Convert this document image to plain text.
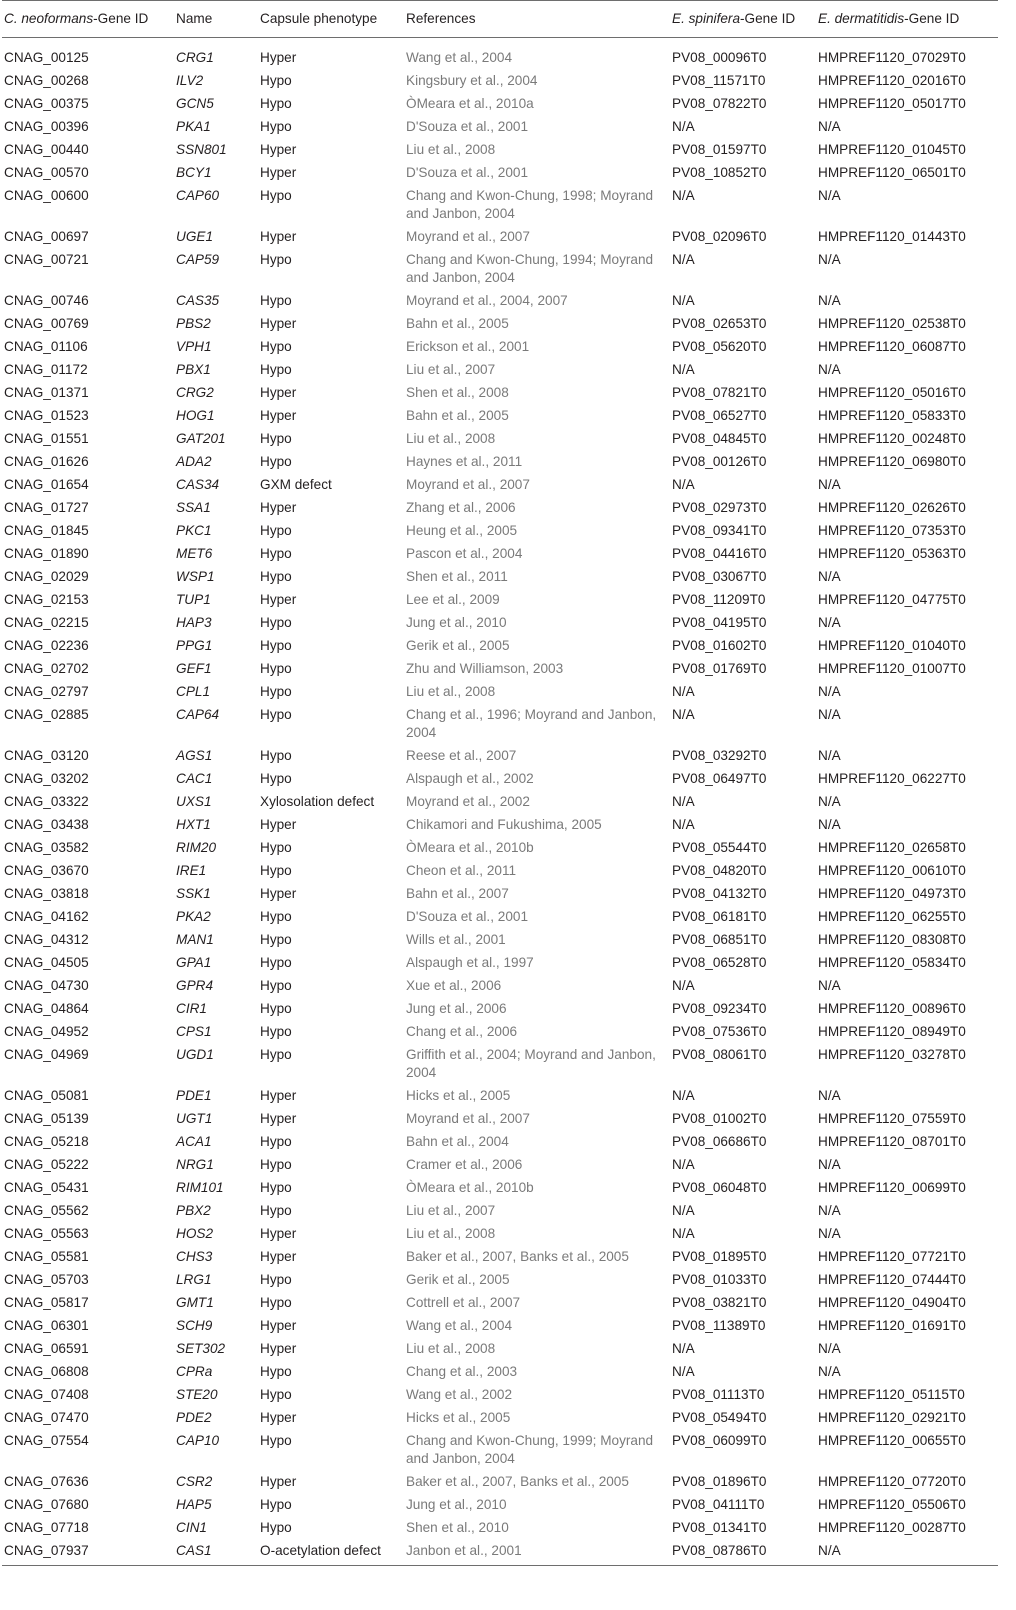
C. neoformans-Gene ID	Name	Capsule phenotype	References	E. spinifera-Gene ID	E. dermatitidis-Gene ID
CNAG_00125	CRG1	Hyper	Wang et al., 2004	PV08_00096T0	HMPREF1120_07029T0
CNAG_00268	ILV2	Hypo	Kingsbury et al., 2004	PV08_11571T0	HMPREF1120_02016T0
CNAG_00375	GCN5	Hypo	ÒMeara et al., 2010a	PV08_07822T0	HMPREF1120_05017T0
CNAG_00396	PKA1	Hypo	D'Souza et al., 2001	N/A	N/A
CNAG_00440	SSN801	Hyper	Liu et al., 2008	PV08_01597T0	HMPREF1120_01045T0
CNAG_00570	BCY1	Hyper	D'Souza et al., 2001	PV08_10852T0	HMPREF1120_06501T0
CNAG_00600	CAP60	Hypo	Chang and Kwon-Chung, 1998; Moyrand and Janbon, 2004	N/A	N/A
CNAG_00697	UGE1	Hyper	Moyrand et al., 2007	PV08_02096T0	HMPREF1120_01443T0
CNAG_00721	CAP59	Hypo	Chang and Kwon-Chung, 1994; Moyrand and Janbon, 2004	N/A	N/A
CNAG_00746	CAS35	Hypo	Moyrand et al., 2004, 2007	N/A	N/A
CNAG_00769	PBS2	Hyper	Bahn et al., 2005	PV08_02653T0	HMPREF1120_02538T0
CNAG_01106	VPH1	Hypo	Erickson et al., 2001	PV08_05620T0	HMPREF1120_06087T0
CNAG_01172	PBX1	Hypo	Liu et al., 2007	N/A	N/A
CNAG_01371	CRG2	Hyper	Shen et al., 2008	PV08_07821T0	HMPREF1120_05016T0
CNAG_01523	HOG1	Hyper	Bahn et al., 2005	PV08_06527T0	HMPREF1120_05833T0
CNAG_01551	GAT201	Hypo	Liu et al., 2008	PV08_04845T0	HMPREF1120_00248T0
CNAG_01626	ADA2	Hypo	Haynes et al., 2011	PV08_00126T0	HMPREF1120_06980T0
CNAG_01654	CAS34	GXM defect	Moyrand et al., 2007	N/A	N/A
CNAG_01727	SSA1	Hyper	Zhang et al., 2006	PV08_02973T0	HMPREF1120_02626T0
CNAG_01845	PKC1	Hypo	Heung et al., 2005	PV08_09341T0	HMPREF1120_07353T0
CNAG_01890	MET6	Hypo	Pascon et al., 2004	PV08_04416T0	HMPREF1120_05363T0
CNAG_02029	WSP1	Hypo	Shen et al., 2011	PV08_03067T0	N/A
CNAG_02153	TUP1	Hyper	Lee et al., 2009	PV08_11209T0	HMPREF1120_04775T0
CNAG_02215	HAP3	Hypo	Jung et al., 2010	PV08_04195T0	N/A
CNAG_02236	PPG1	Hypo	Gerik et al., 2005	PV08_01602T0	HMPREF1120_01040T0
CNAG_02702	GEF1	Hypo	Zhu and Williamson, 2003	PV08_01769T0	HMPREF1120_01007T0
CNAG_02797	CPL1	Hypo	Liu et al., 2008	N/A	N/A
CNAG_02885	CAP64	Hypo	Chang et al., 1996; Moyrand and Janbon, 2004	N/A	N/A
CNAG_03120	AGS1	Hypo	Reese et al., 2007	PV08_03292T0	N/A
CNAG_03202	CAC1	Hypo	Alspaugh et al., 2002	PV08_06497T0	HMPREF1120_06227T0
CNAG_03322	UXS1	Xylosolation defect	Moyrand et al., 2002	N/A	N/A
CNAG_03438	HXT1	Hyper	Chikamori and Fukushima, 2005	N/A	N/A
CNAG_03582	RIM20	Hypo	ÒMeara et al., 2010b	PV08_05544T0	HMPREF1120_02658T0
CNAG_03670	IRE1	Hypo	Cheon et al., 2011	PV08_04820T0	HMPREF1120_00610T0
CNAG_03818	SSK1	Hyper	Bahn et al., 2007	PV08_04132T0	HMPREF1120_04973T0
CNAG_04162	PKA2	Hypo	D'Souza et al., 2001	PV08_06181T0	HMPREF1120_06255T0
CNAG_04312	MAN1	Hypo	Wills et al., 2001	PV08_06851T0	HMPREF1120_08308T0
CNAG_04505	GPA1	Hypo	Alspaugh et al., 1997	PV08_06528T0	HMPREF1120_05834T0
CNAG_04730	GPR4	Hypo	Xue et al., 2006	N/A	N/A
CNAG_04864	CIR1	Hypo	Jung et al., 2006	PV08_09234T0	HMPREF1120_00896T0
CNAG_04952	CPS1	Hypo	Chang et al., 2006	PV08_07536T0	HMPREF1120_08949T0
CNAG_04969	UGD1	Hypo	Griffith et al., 2004; Moyrand and Janbon, 2004	PV08_08061T0	HMPREF1120_03278T0
CNAG_05081	PDE1	Hyper	Hicks et al., 2005	N/A	N/A
CNAG_05139	UGT1	Hyper	Moyrand et al., 2007	PV08_01002T0	HMPREF1120_07559T0
CNAG_05218	ACA1	Hypo	Bahn et al., 2004	PV08_06686T0	HMPREF1120_08701T0
CNAG_05222	NRG1	Hypo	Cramer et al., 2006	N/A	N/A
CNAG_05431	RIM101	Hypo	ÒMeara et al., 2010b	PV08_06048T0	HMPREF1120_00699T0
CNAG_05562	PBX2	Hypo	Liu et al., 2007	N/A	N/A
CNAG_05563	HOS2	Hyper	Liu et al., 2008	N/A	N/A
CNAG_05581	CHS3	Hyper	Baker et al., 2007, Banks et al., 2005	PV08_01895T0	HMPREF1120_07721T0
CNAG_05703	LRG1	Hypo	Gerik et al., 2005	PV08_01033T0	HMPREF1120_07444T0
CNAG_05817	GMT1	Hypo	Cottrell et al., 2007	PV08_03821T0	HMPREF1120_04904T0
CNAG_06301	SCH9	Hyper	Wang et al., 2004	PV08_11389T0	HMPREF1120_01691T0
CNAG_06591	SET302	Hyper	Liu et al., 2008	N/A	N/A
CNAG_06808	CPRa	Hypo	Chang et al., 2003	N/A	N/A
CNAG_07408	STE20	Hypo	Wang et al., 2002	PV08_01113T0	HMPREF1120_05115T0
CNAG_07470	PDE2	Hyper	Hicks et al., 2005	PV08_05494T0	HMPREF1120_02921T0
CNAG_07554	CAP10	Hypo	Chang and Kwon-Chung, 1999; Moyrand and Janbon, 2004	PV08_06099T0	HMPREF1120_00655T0
CNAG_07636	CSR2	Hyper	Baker et al., 2007, Banks et al., 2005	PV08_01896T0	HMPREF1120_07720T0
CNAG_07680	HAP5	Hypo	Jung et al., 2010	PV08_04111T0	HMPREF1120_05506T0
CNAG_07718	CIN1	Hypo	Shen et al., 2010	PV08_01341T0	HMPREF1120_00287T0
CNAG_07937	CAS1	O-acetylation defect	Janbon et al., 2001	PV08_08786T0	N/A
